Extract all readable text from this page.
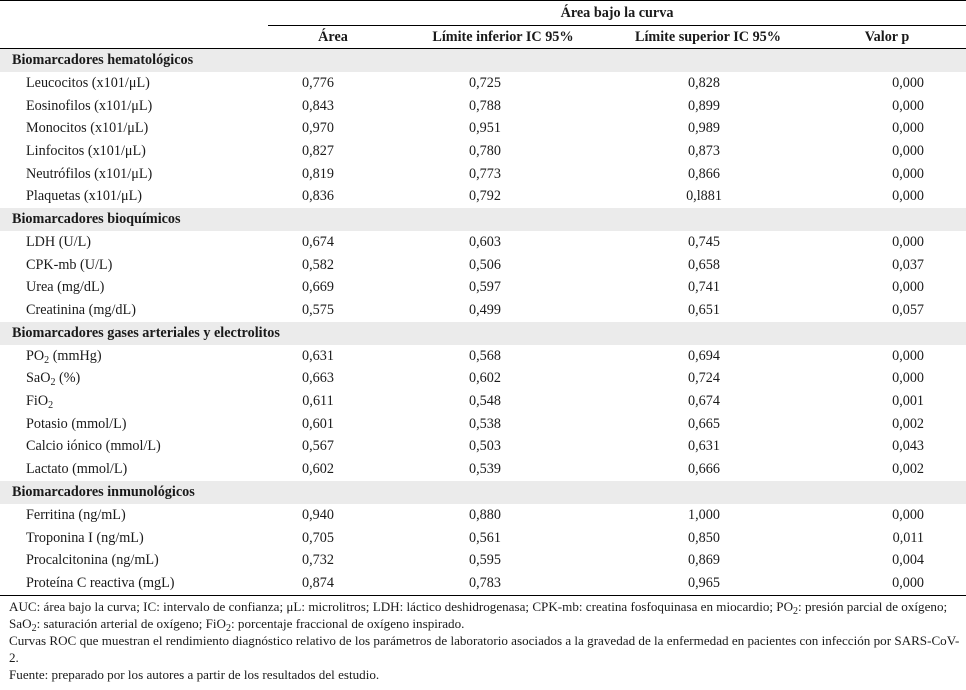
	Área bajo la curva			
	Área	Límite inferior IC 95%	Límite superior IC 95%	Valor p
Biomarcadores hematológicos				
Leucocitos (x101/μL)	0,776	0,725	0,828	0,000
Eosinofilos (x101/μL)	0,843	0,788	0,899	0,000
Monocitos (x101/μL)	0,970	0,951	0,989	0,000
Linfocitos (x101/μL)	0,827	0,780	0,873	0,000
Neutrófilos (x101/μL)	0,819	0,773	0,866	0,000
Plaquetas (x101/μL)	0,836	0,792	0,l881	0,000
Biomarcadores bioquímicos				
LDH (U/L)	0,674	0,603	0,745	0,000
CPK-mb (U/L)	0,582	0,506	0,658	0,037
Urea (mg/dL)	0,669	0,597	0,741	0,000
Creatinina (mg/dL)	0,575	0,499	0,651	0,057
Biomarcadores gases arteriales y electrolitos				
$PO_2$ (mmHg)	0,631	0,568	0,694	0,000
SaO$_2$ (%)	0,663	0,602	0,724	0,000
FiO$_2$	0,611	0,548	0,674	0,001
Potasio (mmol/L)	0,601	0,538	0,665	0,002
Calcio iónico (mmol/L)	0,567	0,503	0,631	0,043
Lactato (mmol/L)	0,602	0,539	0,666	0,002
Biomarcadores inmunológicos				
Ferritina (ng/mL)	0,940	0,880	1,000	0,000
Troponina I (ng/mL)	0,705	0,561	0,850	0,011
Procalcitonina (ng/mL)	0,732	0,595	0,869	0,004
Proteína C reactiva (mgL)	0,874	0,783	0,965	0,000

AUC: área bajo la curva; IC: intervalo de confianza; μL: microlitros; LDH: láctico deshidrogenasa; CPK-mb: creatina fosfoquinasa en miocardio; $PO_2$: presión parcial de oxígeno; SaO$_2$: saturación arterial de oxígeno; FiO$_2$: porcentaje fraccional de oxígeno inspirado.

Curvas ROC que muestran el rendimiento diagnóstico relativo de los parámetros de laboratorio asociados a la gravedad de la enfermedad en pacientes con infección por SARS-CoV-2.

Fuente: preparado por los autores a partir de los resultados del estudio.
